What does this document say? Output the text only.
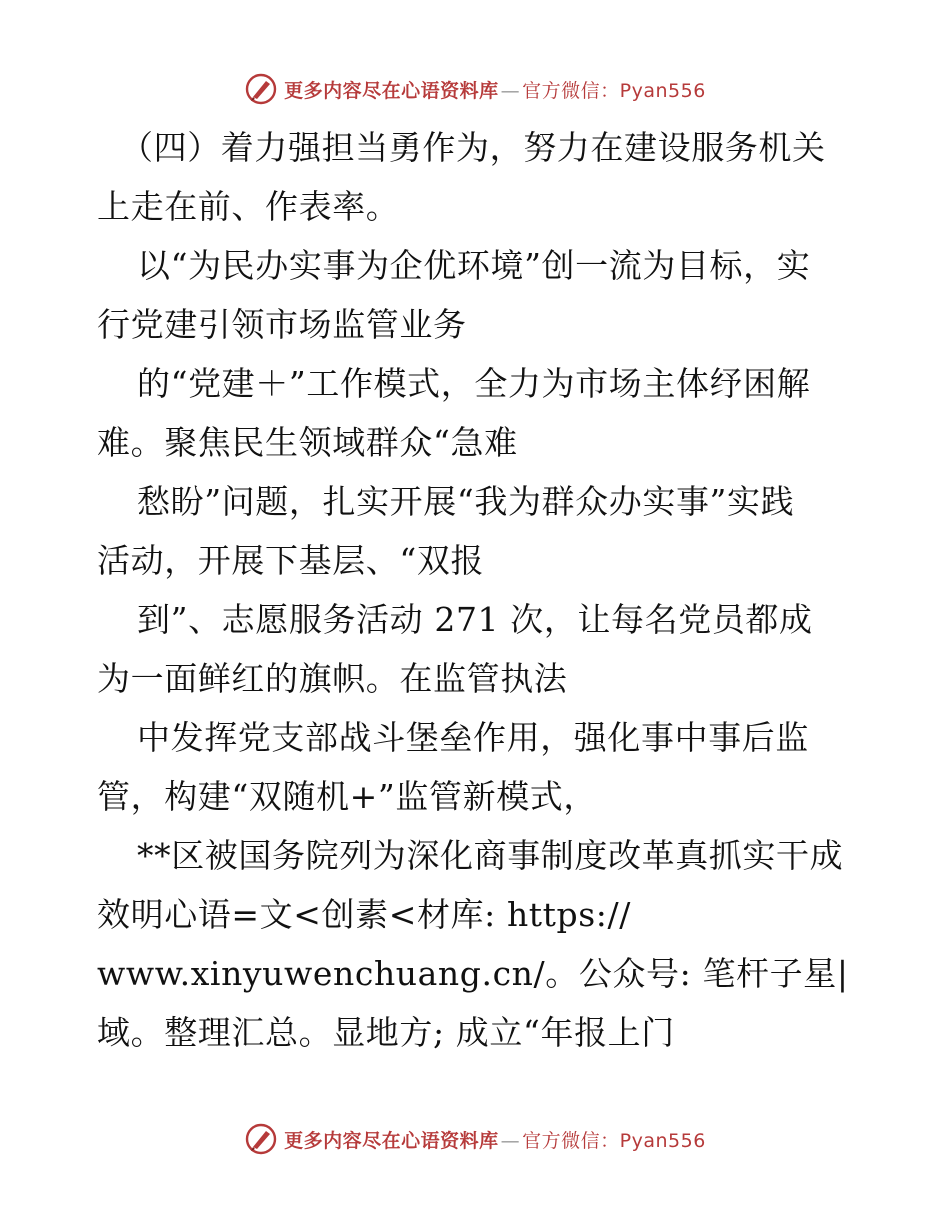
更多内容尽在心语资料库 — 官方微信：Pyan556
（四）着力强担当勇作为，努力在建设服务机关
上走在前、作表率。
以“为民办实事为企优环境”创一流为目标，实
行党建引领市场监管业务
的“党建＋”工作模式，全力为市场主体纾困解
难。聚焦民生领域群众“急难
愁盼”问题，扎实开展“我为群众办实事”实践
活动，开展下基层、“双报
到”、志愿服务活动 271 次，让每名党员都成
为一面鲜红的旗帜。在监管执法
中发挥党支部战斗堡垒作用，强化事中事后监
管，构建“双随机+”监管新模式，
**区被国务院列为深化商事制度改革真抓实干成
效明心语=文<创素<材库: https://
www.xinyuwenchuang.cn/。公众号: 笔杆子星|
域。整理汇总。显地方; 成立“年报上门
更多内容尽在心语资料库 — 官方微信：Pyan556
